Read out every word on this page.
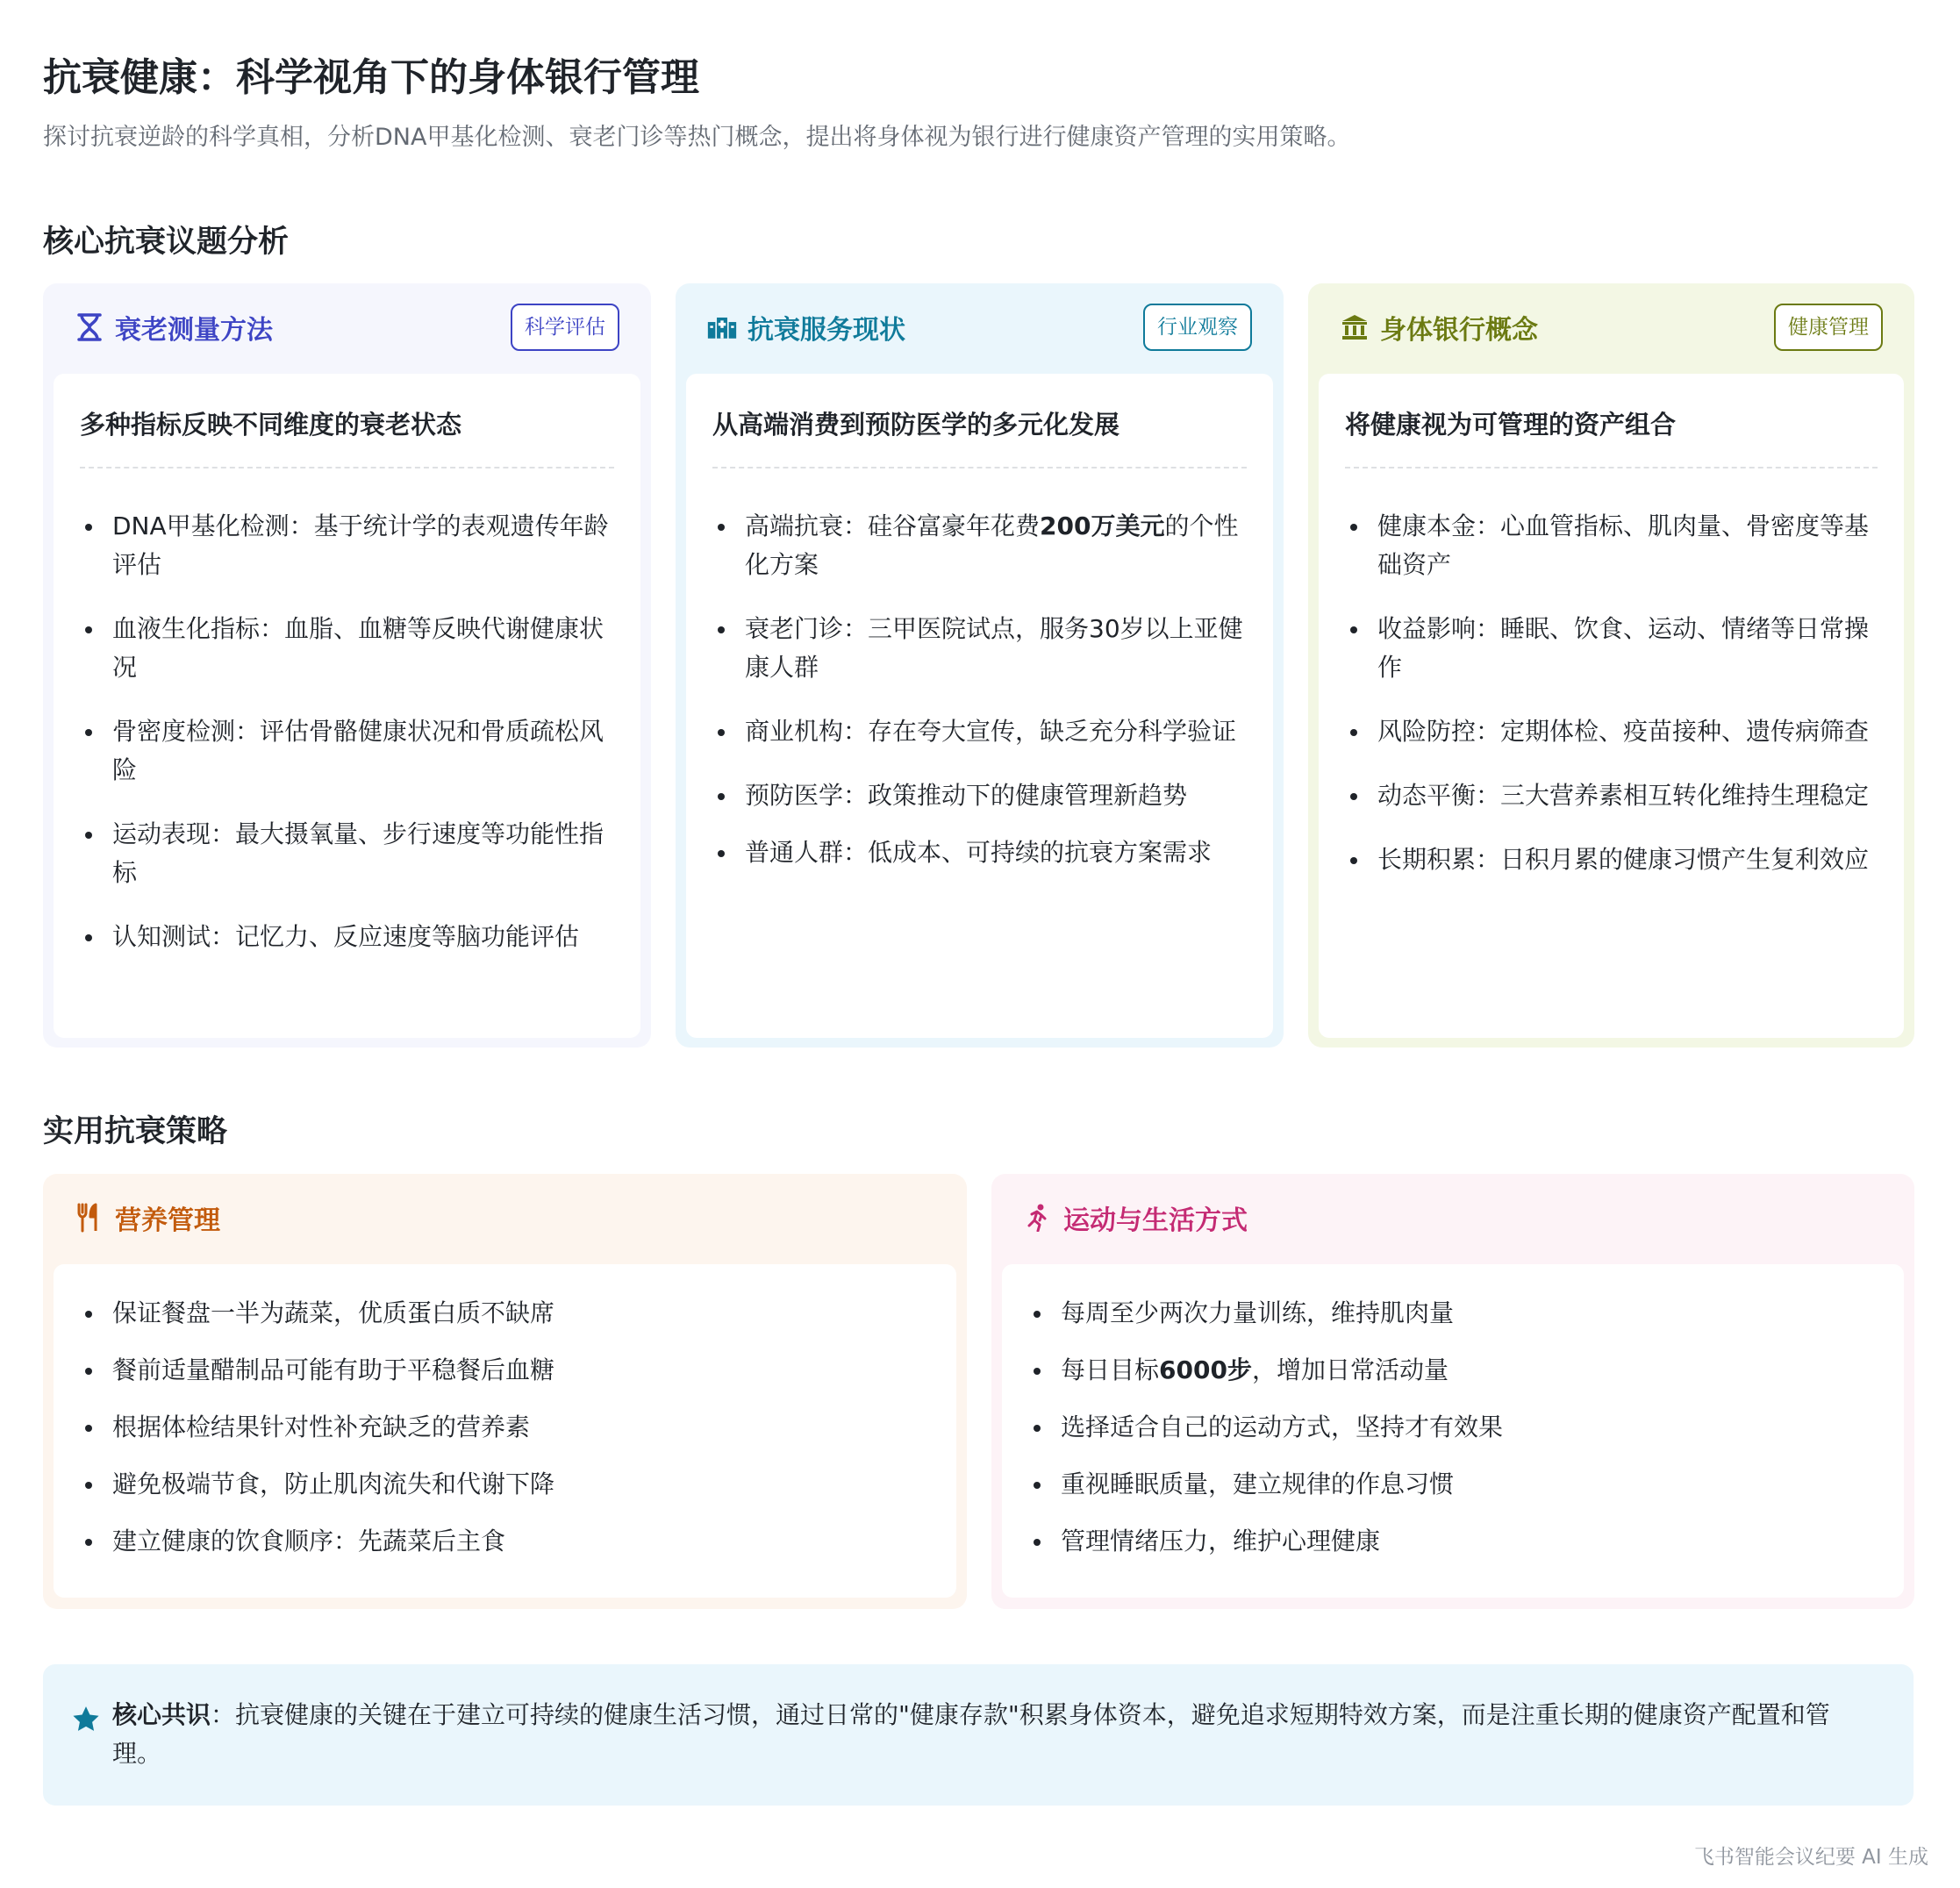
抗衰健康：科学视角下的身体银行管理
探讨抗衰逆龄的科学真相，分析DNA甲基化检测、衰老门诊等热门概念，提出将身体视为银行进行健康资产管理的实用策略。
核心抗衰议题分析
衰老测量方法	科学评估
多种指标反映不同维度的衰老状态
DNA甲基化检测：基于统计学的表观遗传年龄评估
血液生化指标：血脂、血糖等反映代谢健康状况
骨密度检测：评估骨骼健康状况和骨质疏松风险
运动表现：最大摄氧量、步行速度等功能性指标
认知测试：记忆力、反应速度等脑功能评估
抗衰服务现状	行业观察
从高端消费到预防医学的多元化发展
高端抗衰：硅谷富豪年花费200万美元的个性化方案
衰老门诊：三甲医院试点，服务30岁以上亚健康人群
商业机构：存在夸大宣传，缺乏充分科学验证
预防医学：政策推动下的健康管理新趋势
普通人群：低成本、可持续的抗衰方案需求
身体银行概念	健康管理
将健康视为可管理的资产组合
健康本金：心血管指标、肌肉量、骨密度等基础资产
收益影响：睡眠、饮食、运动、情绪等日常操作
风险防控：定期体检、疫苗接种、遗传病筛查
动态平衡：三大营养素相互转化维持生理稳定
长期积累：日积月累的健康习惯产生复利效应
实用抗衰策略
营养管理
保证餐盘一半为蔬菜，优质蛋白质不缺席
餐前适量醋制品可能有助于平稳餐后血糖
根据体检结果针对性补充缺乏的营养素
避免极端节食，防止肌肉流失和代谢下降
建立健康的饮食顺序：先蔬菜后主食
运动与生活方式
每周至少两次力量训练，维持肌肉量
每日目标6000步，增加日常活动量
选择适合自己的运动方式，坚持才有效果
重视睡眠质量，建立规律的作息习惯
管理情绪压力，维护心理健康
核心共识：抗衰健康的关键在于建立可持续的健康生活习惯，通过日常的"健康存款"积累身体资本，避免追求短期特效方案，而是注重长期的健康资产配置和管理。
飞书智能会议纪要 AI 生成
